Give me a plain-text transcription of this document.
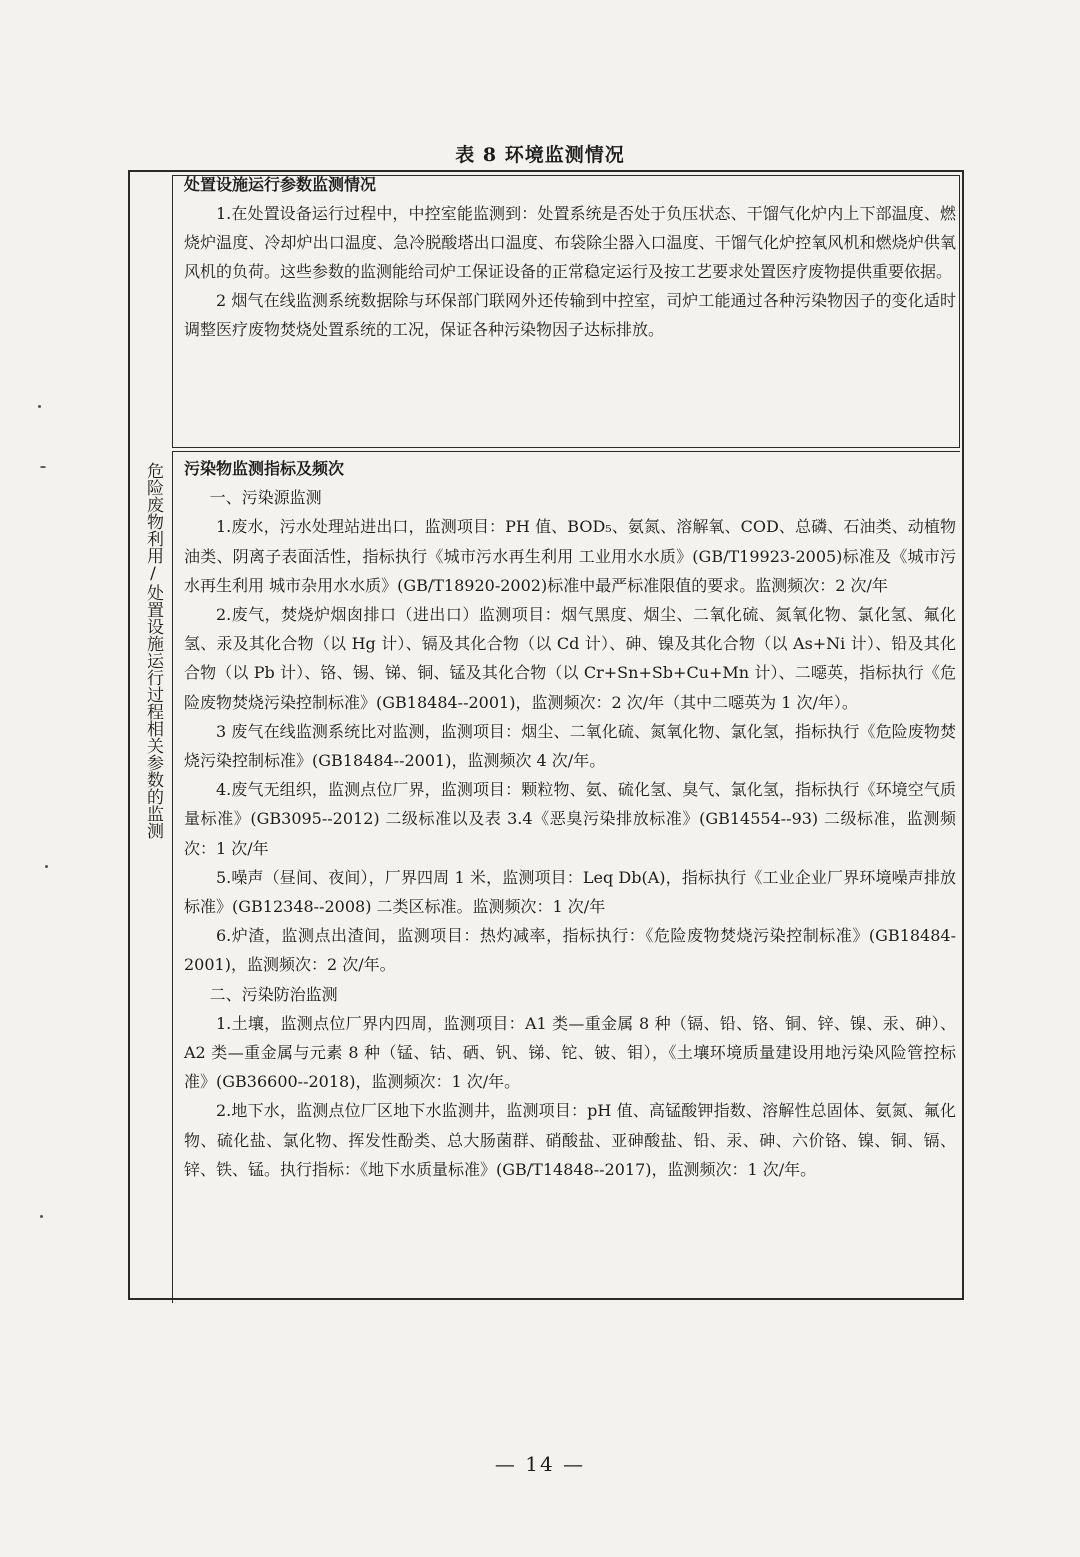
表 8 环境监测情况
危险废物利用/处置设施运行过程相关参数的监测

处置设施运行参数监测情况

1.在处置设备运行过程中，中控室能监测到：处置系统是否处于负压状态、干馏气化炉内上下部温度、燃烧炉温度、冷却炉出口温度、急冷脱酸塔出口温度、布袋除尘器入口温度、干馏气化炉控氧风机和燃烧炉供氧风机的负荷。这些参数的监测能给司炉工保证设备的正常稳定运行及按工艺要求处置医疗废物提供重要依据。

2 烟气在线监测系统数据除与环保部门联网外还传输到中控室，司炉工能通过各种污染物因子的变化适时调整医疗废物焚烧处置系统的工况，保证各种污染物因子达标排放。

污染物监测指标及频次

一、污染源监测

1.废水，污水处理站进出口，监测项目：PH 值、BOD₅、氨氮、溶解氧、COD、总磷、石油类、动植物油类、阴离子表面活性，指标执行《城市污水再生利用 工业用水水质》(GB/T19923-2005)标准及《城市污水再生利用 城市杂用水水质》(GB/T18920-2002)标准中最严标准限值的要求。监测频次：2 次/年

2.废气，焚烧炉烟囱排口（进出口）监测项目：烟气黑度、烟尘、二氧化硫、氮氧化物、氯化氢、氟化氢、汞及其化合物（以 Hg 计）、镉及其化合物（以 Cd 计）、砷、镍及其化合物（以 As+Ni 计）、铅及其化合物（以 Pb 计）、铬、锡、锑、铜、锰及其化合物（以 Cr+Sn+Sb+Cu+Mn 计）、二噁英，指标执行《危险废物焚烧污染控制标准》(GB18484--2001)，监测频次：2 次/年（其中二噁英为 1 次/年）。

3 废气在线监测系统比对监测，监测项目：烟尘、二氧化硫、氮氧化物、氯化氢，指标执行《危险废物焚烧污染控制标准》(GB18484--2001)，监测频次 4 次/年。

4.废气无组织，监测点位厂界，监测项目：颗粒物、氨、硫化氢、臭气、氯化氢，指标执行《环境空气质量标准》(GB3095--2012) 二级标准以及表 3.4《恶臭污染排放标准》(GB14554--93) 二级标准，监测频次：1 次/年

5.噪声（昼间、夜间），厂界四周 1 米，监测项目：Leq Db(A)，指标执行《工业企业厂界环境噪声排放标准》(GB12348--2008) 二类区标准。监测频次：1 次/年

6.炉渣，监测点出渣间，监测项目：热灼减率，指标执行：《危险废物焚烧污染控制标准》(GB18484-2001)，监测频次：2 次/年。

二、污染防治监测

1.土壤，监测点位厂界内四周，监测项目：A1 类—重金属 8 种（镉、铅、铬、铜、锌、镍、汞、砷）、A2 类—重金属与元素 8 种（锰、钴、硒、钒、锑、铊、铍、钼），《土壤环境质量建设用地污染风险管控标准》(GB36600--2018)，监测频次：1 次/年。

2.地下水，监测点位厂区地下水监测井，监测项目：pH 值、高锰酸钾指数、溶解性总固体、氨氮、氟化物、硫化盐、氯化物、挥发性酚类、总大肠菌群、硝酸盐、亚砷酸盐、铅、汞、砷、六价铬、镍、铜、镉、锌、铁、锰。执行指标：《地下水质量标准》(GB/T14848--2017)，监测频次：1 次/年。

— 14 —
